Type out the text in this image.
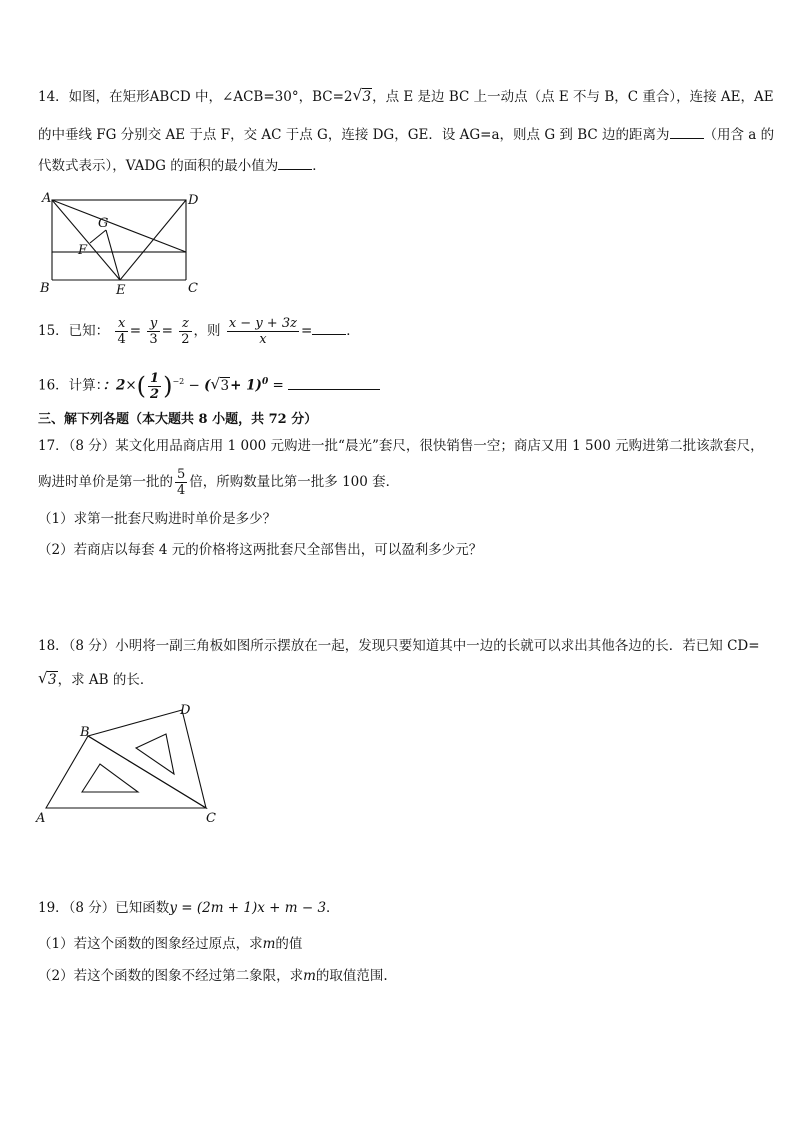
14．如图，在矩形ABCD 中，∠ACB=30°，BC=2 √ 3，点 E 是边 BC 上一动点（点 E 不与 B，C 重合），连接 AE，AE
的中垂线 FG 分别交 AE 于点 F，交 AC 于点 G，连接 DG，GE．设 AG=a，则点 G 到 BC 边的距离为	（用含 a 的
代数式表示），VADG 的面积的最小值为	．
A	D
G
F
B	E	C
15．已知： $\frac{x}{4} = \frac{y}{3} = \frac{z}{2}$ ，则 $\frac{x - y + 3z}{x}$ =	．
16．计算：：$2\times( \frac{1}{2} )^{-2}$ − ( √ 3+ 1)$^0$ =
三、解下列各题（本大题共 8 小题，共 72 分）
17．（8 分）某文化用品商店用 1 000 元购进一批“晨光”套尺，很快销售一空；商店又用 1 500 元购进第二批该款套尺，
购进时单价是第一批的 $\frac{5}{4}$ 倍，所购数量比第一批多 100 套．
（1）求第一批套尺购进时单价是多少？
（2）若商店以每套 4 元的价格将这两批套尺全部售出，可以盈利多少元？
18．（8 分）小明将一副三角板如图所示摆放在一起，发现只要知道其中一边的长就可以求出其他各边的长．若已知 CD=
√ 3，求 AB 的长．
A
B
C
D
19．（8 分）已知函数y = (2m + 1)x + m − 3．
（1）若这个函数的图象经过原点，求m的值
（2）若这个函数的图象不经过第二象限，求m的取值范围.
